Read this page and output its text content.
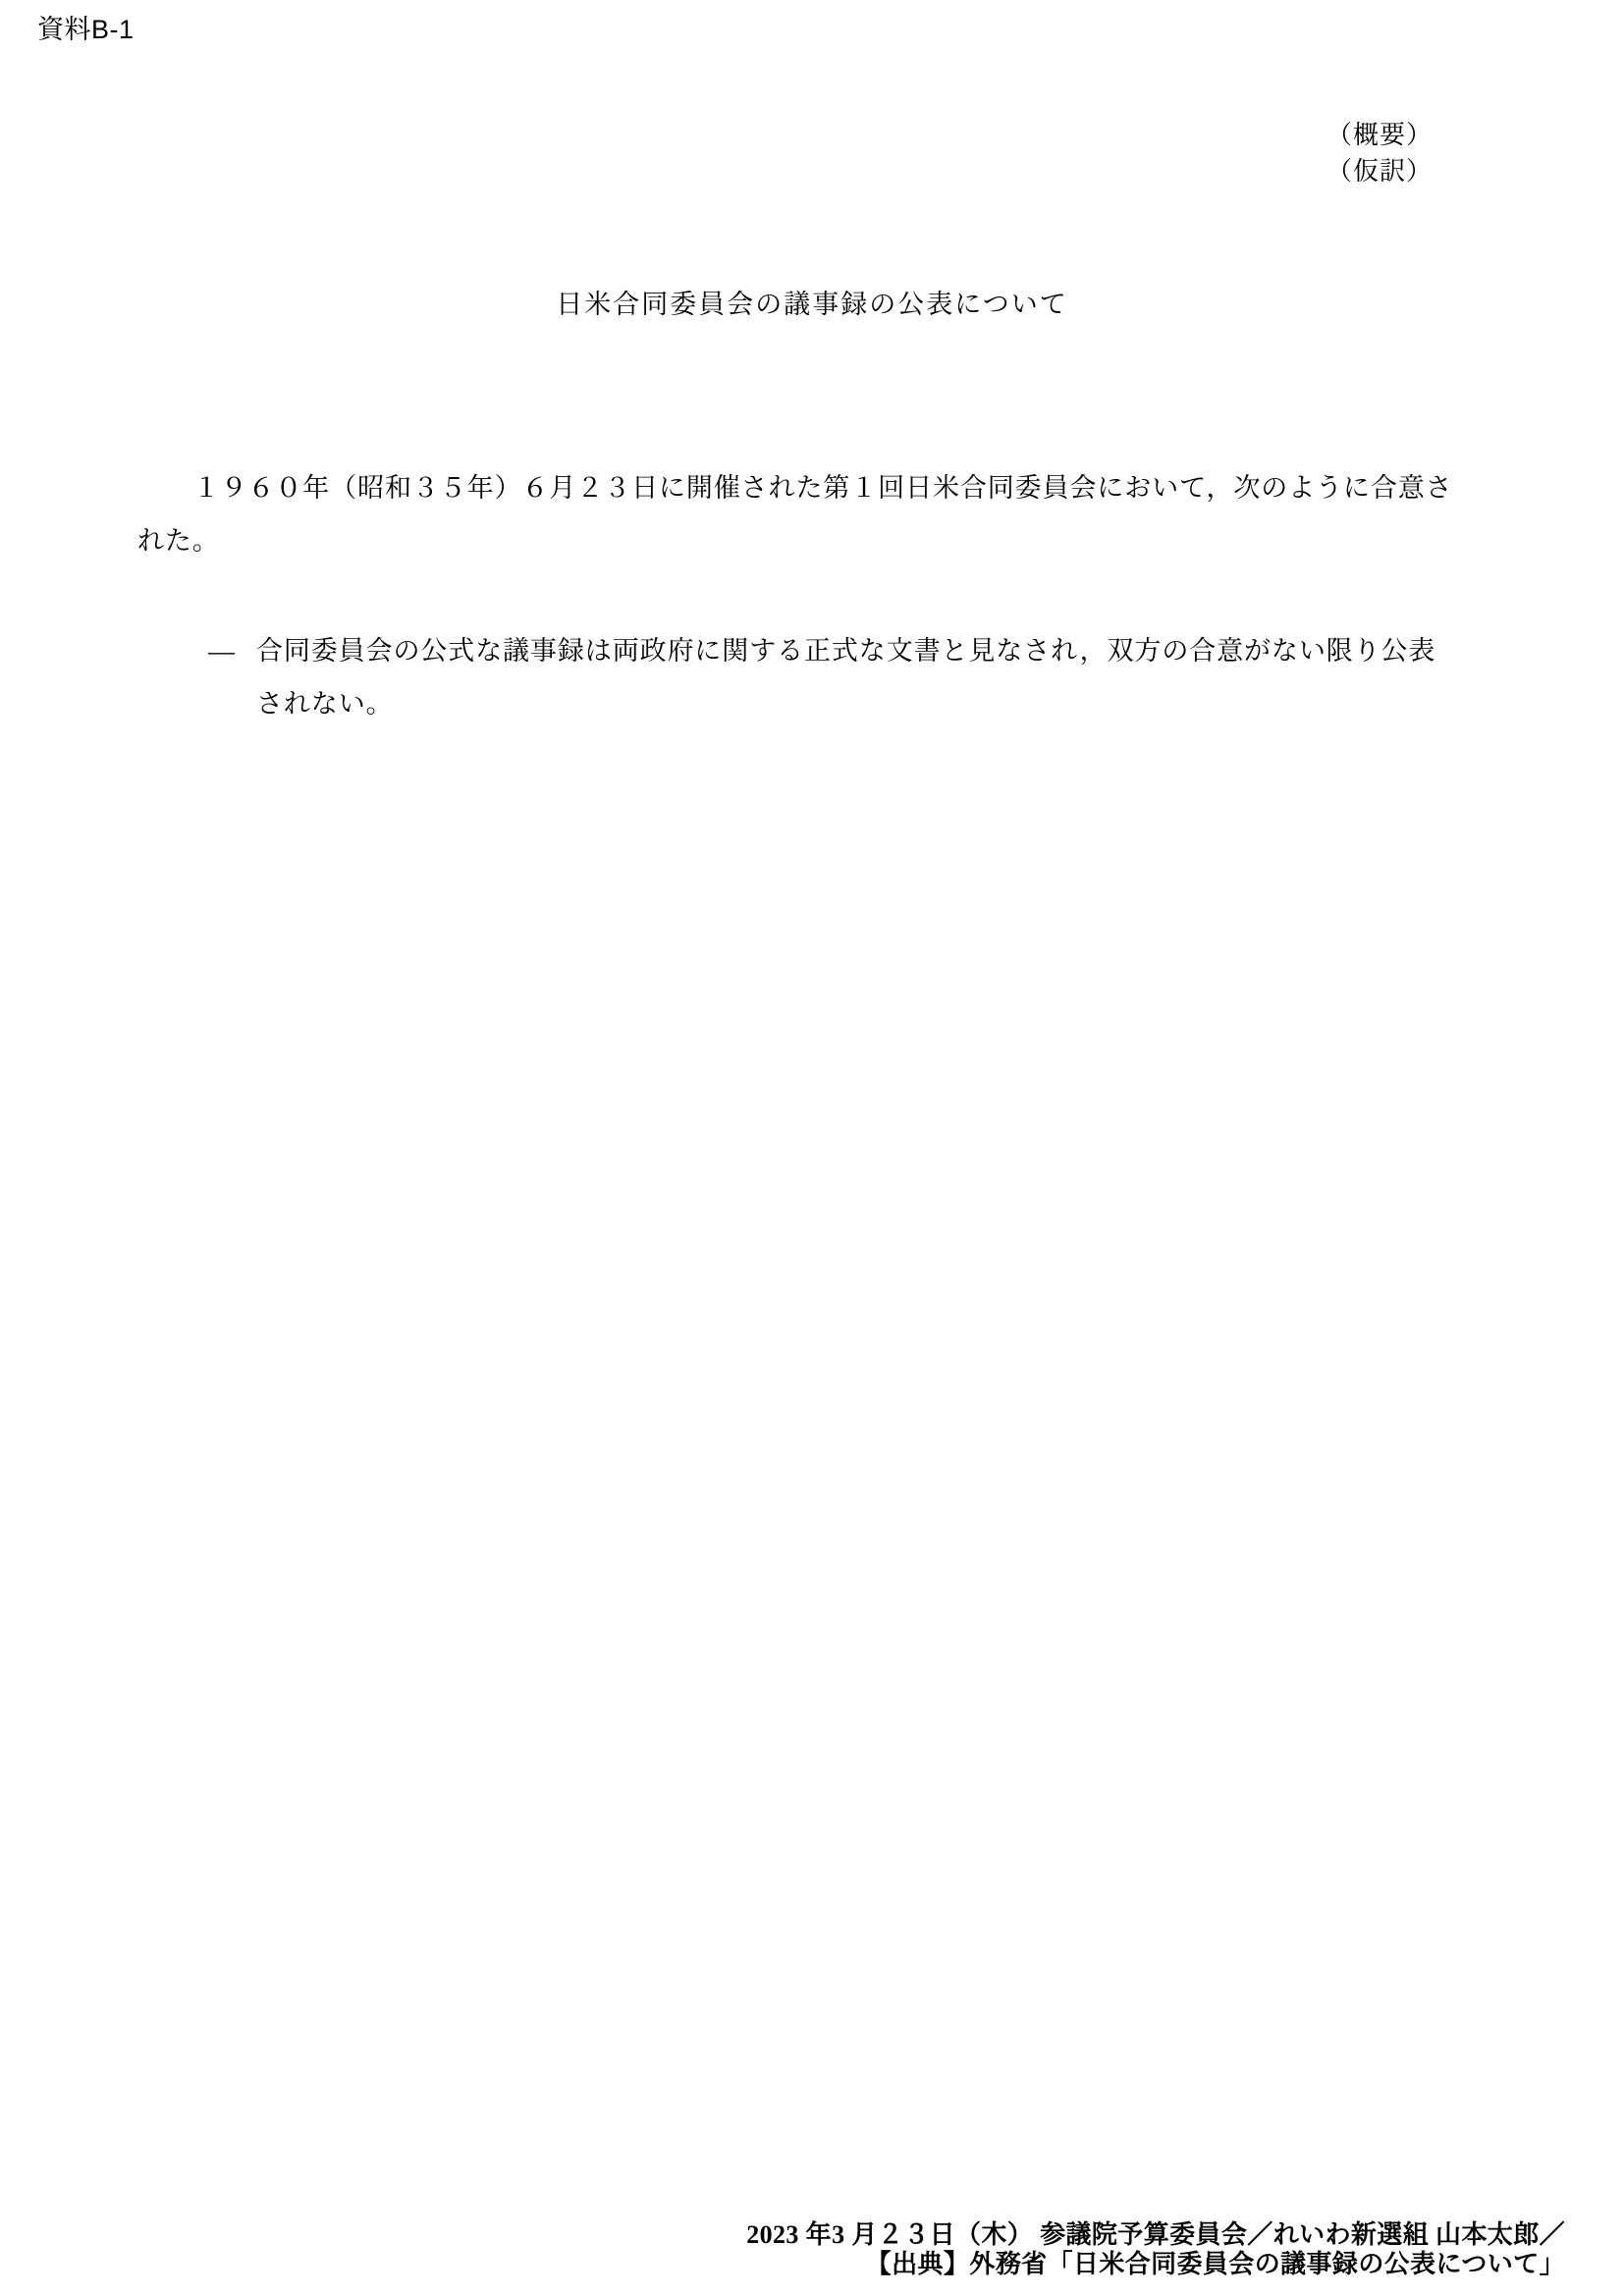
資料B-1
（概要）
（仮訳）
日米合同委員会の議事録の公表について

１９６０年（昭和３５年）６月２３日に開催された第１回日米合同委員会において，次のように合意された。

― 合同委員会の公式な議事録は両政府に関する正式な文書と見なされ，双方の合意がない限り公表されない。
2023 年3 月２３日（木） 参議院予算委員会／れいわ新選組 山本太郎／
【出典】外務省「日米合同委員会の議事録の公表について」
